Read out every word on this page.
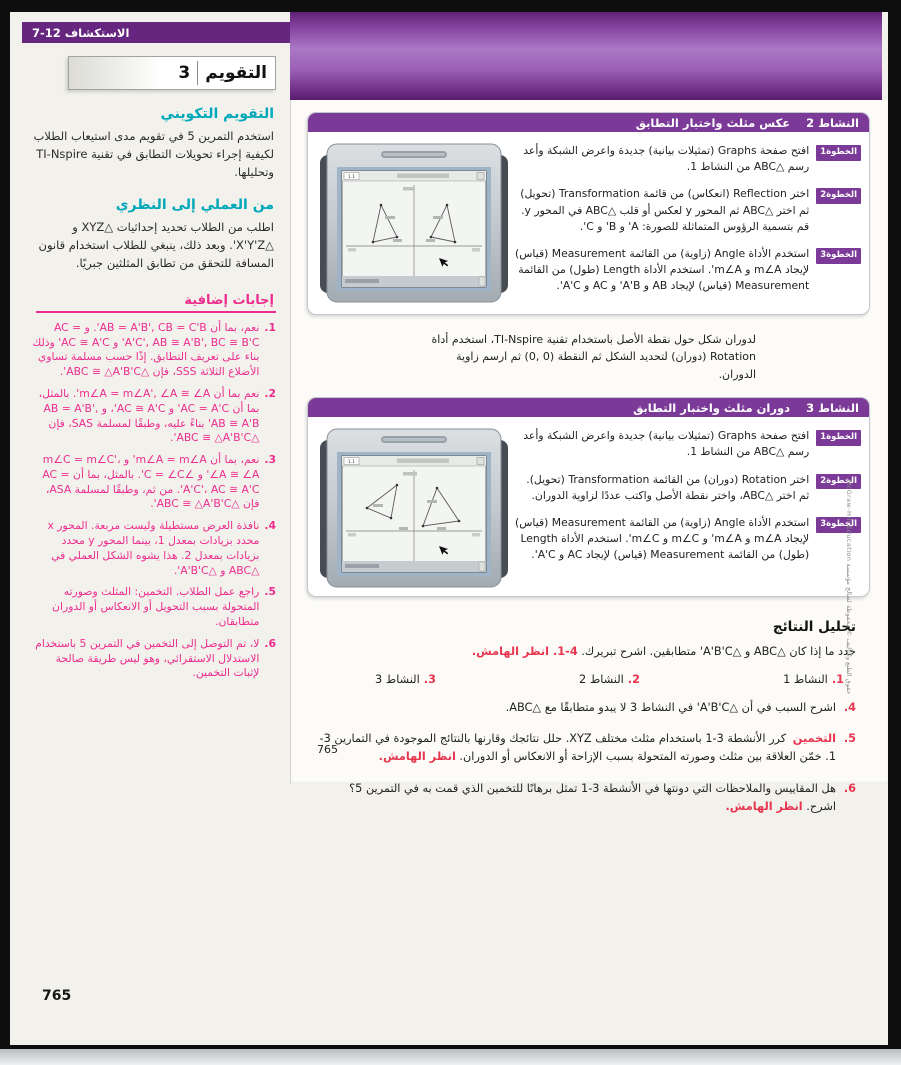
الاستكشاف 12-7
التقويم
3
التقويم التكويني

استخدم التمرين 5 في تقويم مدى استيعاب الطلاب لكيفية إجراء تحويلات التطابق في تقنية TI-Nspire وتحليلها.

من العملي إلى النظري

اطلب من الطلاب تحديد إحداثيات △XYZ و △X'Y'Z'. وبعد ذلك، ينبغي للطلاب استخدام قانون المسافة للتحقق من تطابق المثلثين جبريًا.

إجابات إضافية
1.
نعم، بما أن AB = A'B', CB = C'B'. و AC = A'C', AB ≅ A'B', BC ≅ B'C' و AC ≅ A'C' وذلك بناء على تعريف التطابق. إذًا حسب مسلمة تساوي الأضلاع الثلاثة SSS، فإن △ABC ≅ △A'B'C'.
2.
نعم بما أن m∠A = m∠A', ∠A ≅ ∠A'. بالمثل، بما أن AC = A'C' و AC ≅ A'C'، و AB = A'B', AB ≅ A'B' بناءً عليه، وطبقًا لمسلمة SAS، فإن △ABC ≅ △A'B'C'.
3.
نعم، بما أن m∠A = m∠A' و m∠C = m∠C'، ∠A ≅ ∠A' و ∠C = ∠C'. بالمثل، بما أن AC = A'C'، AC ≅ A'C'. من ثم، وطبقًا لمسلمة ASA، فإن △ABC ≅ △A'B'C'.
4.
نافذة العرض مستطيلة وليست مربعة. المحور x محدد بزيادات بمعدل 1، بينما المحور y محدد بزيادات بمعدل 2. هذا يشوه الشكل العملي في △ABC و △A'B'C'.
5.
راجع عمل الطلاب. التخمين: المثلث وصورته المتحولة بسبب التحويل أو الانعكاس أو الدوران متطابقان.
6.
لا، تم التوصل إلى التخمين في التمرين 5 باستخدام الاستدلال الاستقرائي، وهو ليس طريقة صالحة لإثبات التخمين.
النشاط 2
عكس مثلث واختبار التطابق
الخطوة1
افتح صفحة Graphs (تمثيلات بيانية) جديدة واعرض الشبكة وأعد رسم △ABC من النشاط 1.
الخطوة2
اختر Reflection (انعكاس) من قائمة Transformation (تحويل) ثم اختر △ABC ثم المحور y لعكس أو قلب △ABC في المحور y. قم بتسمية الرؤوس المتماثلة للصورة: A' و B' و C'.
الخطوة3
استخدم الأداة Angle (زاوية) من القائمة Measurement (قياس) لإيجاد m∠A و m∠A'. استخدم الأداة Length (طول) من القائمة Measurement (قياس) لإيجاد AB و A'B' و AC و A'C'.
1.1

لدوران شكل حول نقطة الأصل باستخدام تقنية TI-Nspire، استخدم أداة Rotation (دوران) لتحديد الشكل ثم النقطة (0 ,0) ثم ارسم زاوية الدوران.

النشاط 3
دوران مثلث واختبار التطابق
الخطوة1
افتح صفحة Graphs (تمثيلات بيانية) جديدة واعرض الشبكة وأعد رسم △ABC من النشاط 1.
الخطوة2
اختر Rotation (دوران) من القائمة Transformation (تحويل). ثم اختر △ABC، واختر نقطة الأصل واكتب عددًا لزاوية الدوران.
الخطوة3
استخدم الأداة Angle (زاوية) من القائمة Measurement (قياس) لإيجاد m∠A و m∠A' و m∠C و m∠C'. استخدم الأداة Length (طول) من القائمة Measurement (قياس) لإيجاد AC و A'C'.
1.1
تحليل النتائج

حدد ما إذا كان △ABC و △A'B'C' متطابقين. اشرح تبريرك. 4-1. انظر الهامش.

1.النشاط 1
2.النشاط 2
3.النشاط 3

4.
اشرح السبب في أن △A'B'C' في النشاط 3 لا يبدو متطابقًا مع △ABC.

5.
التخمين كرر الأنشطة 3-1 باستخدام مثلث مختلف XYZ. حلل نتائجك وقارنها بالنتائج الموجودة في التمارين 3-1. خمّن العلاقة بين مثلث وصورته المتحولة بسبب الإزاحة أو الانعكاس أو الدوران. انظر الهامش.

6.
هل المقاييس والملاحظات التي دونتها في الأنشطة 3-1 تمثل برهانًا للتخمين الذي قمت به في التمرين 5؟ اشرح. انظر الهامش.

765
حقوق الطبع والتأليف © محفوظة لصالح مؤسسة McGraw-Hill Education
765
